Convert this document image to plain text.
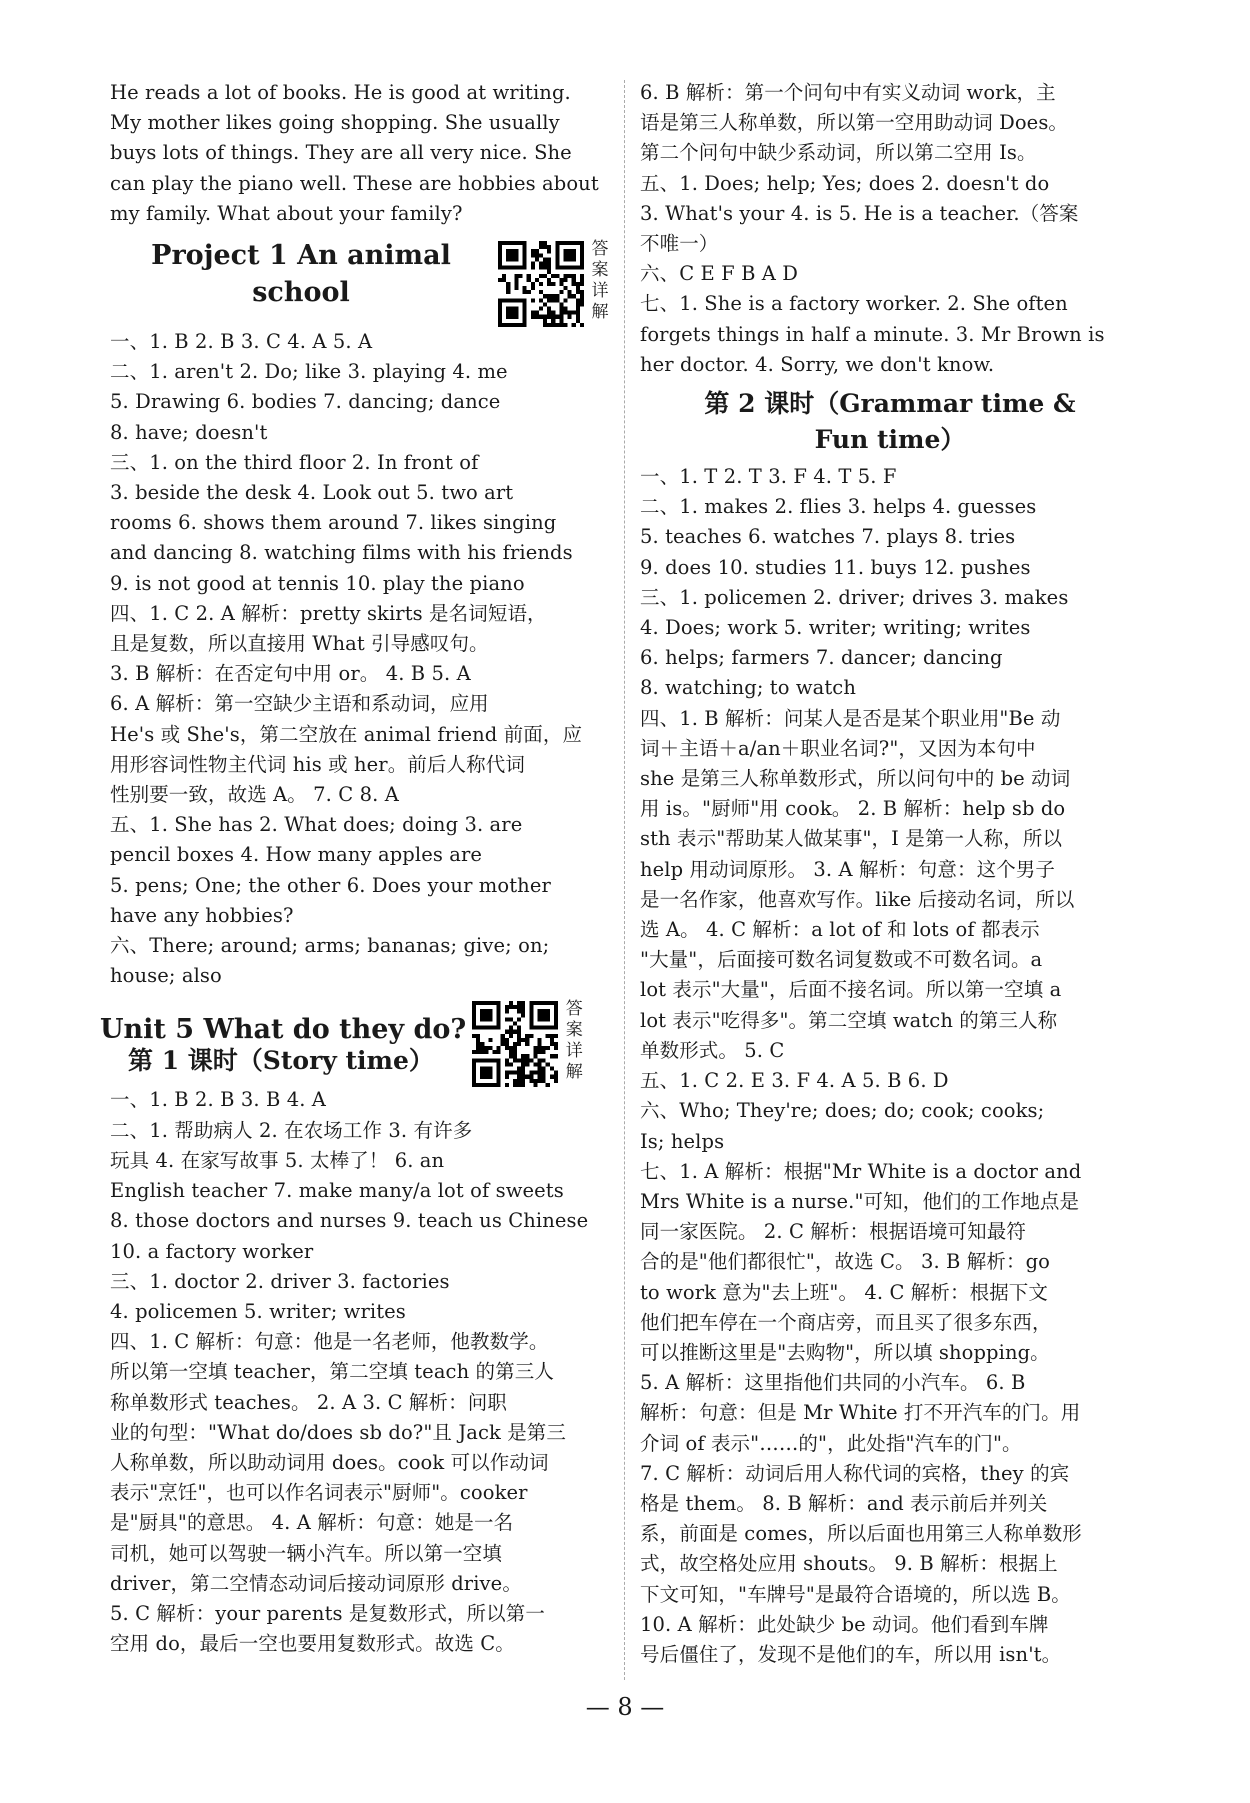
He reads a lot of books. He is good at writing.
My mother likes going shopping. She usually
buys lots of things. They are all very nice. She
can play the piano well. These are hobbies about
my family. What about your family?
Project 1 An animal
school
答案详解
一、1. B 2. B 3. C 4. A 5. A
二、1. aren't 2. Do; like 3. playing 4. me
5. Drawing 6. bodies 7. dancing; dance
8. have; doesn't
三、1. on the third floor 2. In front of
3. beside the desk 4. Look out 5. two art
rooms 6. shows them around 7. likes singing
and dancing 8. watching films with his friends
9. is not good at tennis 10. play the piano
四、1. C 2. A 解析：pretty skirts 是名词短语，
且是复数，所以直接用 What 引导感叹句。
3. B 解析：在否定句中用 or。 4. B 5. A
6. A 解析：第一空缺少主语和系动词，应用
He's 或 She's，第二空放在 animal friend 前面，应
用形容词性物主代词 his 或 her。前后人称代词
性别要一致，故选 A。 7. C 8. A
五、1. She has 2. What does; doing 3. are
pencil boxes 4. How many apples are
5. pens; One; the other 6. Does your mother
have any hobbies?
六、There; around; arms; bananas; give; on;
house; also
Unit 5 What do they do?
答案详解
第 1 课时（Story time）
一、1. B 2. B 3. B 4. A
二、1. 帮助病人 2. 在农场工作 3. 有许多
玩具 4. 在家写故事 5. 太棒了！ 6. an
English teacher 7. make many/a lot of sweets
8. those doctors and nurses 9. teach us Chinese
10. a factory worker
三、1. doctor 2. driver 3. factories
4. policemen 5. writer; writes
四、1. C 解析：句意：他是一名老师，他教数学。
所以第一空填 teacher，第二空填 teach 的第三人
称单数形式 teaches。 2. A 3. C 解析：问职
业的句型："What do/does sb do?"且 Jack 是第三
人称单数，所以助动词用 does。cook 可以作动词
表示"烹饪"，也可以作名词表示"厨师"。cooker
是"厨具"的意思。 4. A 解析：句意：她是一名
司机，她可以驾驶一辆小汽车。所以第一空填
driver，第二空情态动词后接动词原形 drive。
5. C 解析：your parents 是复数形式，所以第一
空用 do，最后一空也要用复数形式。故选 C。
6. B 解析：第一个问句中有实义动词 work，主
语是第三人称单数，所以第一空用助动词 Does。
第二个问句中缺少系动词，所以第二空用 Is。
五、1. Does; help; Yes; does 2. doesn't do
3. What's your 4. is 5. He is a teacher.（答案
不唯一）
六、C E F B A D
七、1. She is a factory worker. 2. She often
forgets things in half a minute. 3. Mr Brown is
her doctor. 4. Sorry, we don't know.
第 2 课时（Grammar time &
Fun time）
一、1. T 2. T 3. F 4. T 5. F
二、1. makes 2. flies 3. helps 4. guesses
5. teaches 6. watches 7. plays 8. tries
9. does 10. studies 11. buys 12. pushes
三、1. policemen 2. driver; drives 3. makes
4. Does; work 5. writer; writing; writes
6. helps; farmers 7. dancer; dancing
8. watching; to watch
四、1. B 解析：问某人是否是某个职业用"Be 动
词＋主语＋a/an＋职业名词?"，又因为本句中
she 是第三人称单数形式，所以问句中的 be 动词
用 is。"厨师"用 cook。 2. B 解析：help sb do
sth 表示"帮助某人做某事"，I 是第一人称，所以
help 用动词原形。 3. A 解析：句意：这个男子
是一名作家，他喜欢写作。like 后接动名词，所以
选 A。 4. C 解析：a lot of 和 lots of 都表示
"大量"，后面接可数名词复数或不可数名词。a
lot 表示"大量"，后面不接名词。所以第一空填 a
lot 表示"吃得多"。第二空填 watch 的第三人称
单数形式。 5. C
五、1. C 2. E 3. F 4. A 5. B 6. D
六、Who; They're; does; do; cook; cooks;
Is; helps
七、1. A 解析：根据"Mr White is a doctor and
Mrs White is a nurse."可知，他们的工作地点是
同一家医院。 2. C 解析：根据语境可知最符
合的是"他们都很忙"，故选 C。 3. B 解析：go
to work 意为"去上班"。 4. C 解析：根据下文
他们把车停在一个商店旁，而且买了很多东西，
可以推断这里是"去购物"，所以填 shopping。
5. A 解析：这里指他们共同的小汽车。 6. B
解析：句意：但是 Mr White 打不开汽车的门。用
介词 of 表示"……的"，此处指"汽车的门"。
7. C 解析：动词后用人称代词的宾格，they 的宾
格是 them。 8. B 解析：and 表示前后并列关
系，前面是 comes，所以后面也用第三人称单数形
式，故空格处应用 shouts。 9. B 解析：根据上
下文可知，"车牌号"是最符合语境的，所以选 B。
10. A 解析：此处缺少 be 动词。他们看到车牌
号后僵住了，发现不是他们的车，所以用 isn't。
— 8 —
